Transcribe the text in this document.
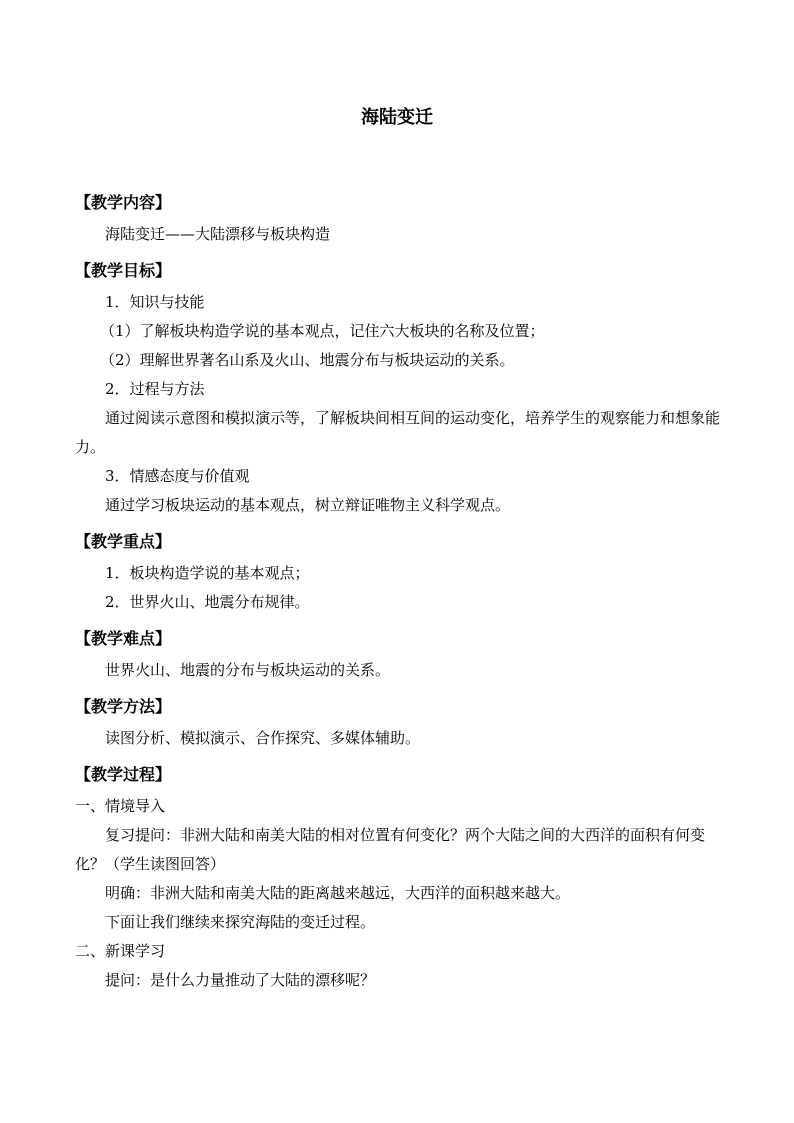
海陆变迁
【教学内容】
海陆变迁——大陆漂移与板块构造
【教学目标】
1．知识与技能
（1）了解板块构造学说的基本观点，记住六大板块的名称及位置；
（2）理解世界著名山系及火山、地震分布与板块运动的关系。
2．过程与方法
通过阅读示意图和模拟演示等，了解板块间相互间的运动变化，培养学生的观察能力和想象能力。
3．情感态度与价值观
通过学习板块运动的基本观点，树立辩证唯物主义科学观点。
【教学重点】
1．板块构造学说的基本观点；
2．世界火山、地震分布规律。
【教学难点】
世界火山、地震的分布与板块运动的关系。
【教学方法】
读图分析、模拟演示、合作探究、多媒体辅助。
【教学过程】
一、情境导入
复习提问：非洲大陆和南美大陆的相对位置有何变化？两个大陆之间的大西洋的面积有何变化？（学生读图回答）
明确：非洲大陆和南美大陆的距离越来越远，大西洋的面积越来越大。
下面让我们继续来探究海陆的变迁过程。
二、新课学习
提问：是什么力量推动了大陆的漂移呢？
